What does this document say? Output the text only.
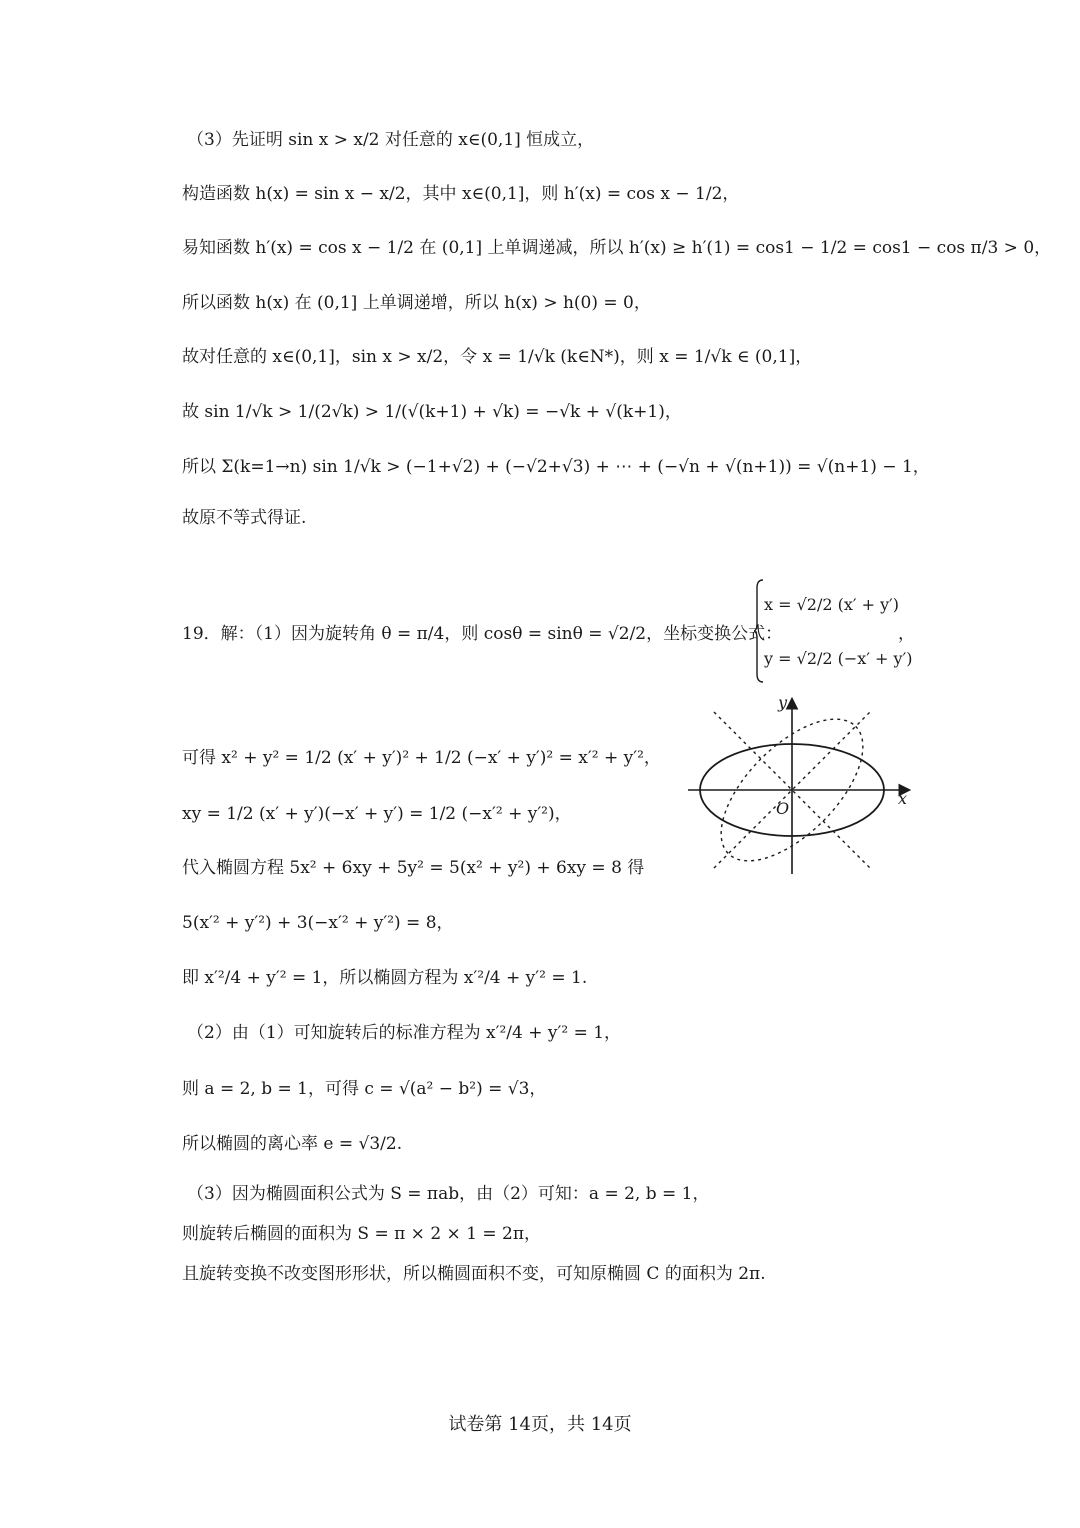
（3）先证明 sin x > x/2 对任意的 x∈(0,1] 恒成立，
构造函数 h(x) = sin x − x/2，其中 x∈(0,1]，则 h′(x) = cos x − 1/2，
易知函数 h′(x) = cos x − 1/2 在 (0,1] 上单调递减，所以 h′(x) ≥ h′(1) = cos1 − 1/2 = cos1 − cos π/3 > 0，
所以函数 h(x) 在 (0,1] 上单调递增，所以 h(x) > h(0) = 0，
故对任意的 x∈(0,1]，sin x > x/2，令 x = 1/√k (k∈N*)，则 x = 1/√k ∈ (0,1]，
故 sin 1/√k > 1/(2√k) > 1/(√(k+1) + √k) = −√k + √(k+1)，
所以 Σ(k=1→n) sin 1/√k > (−1+√2) + (−√2+√3) + ⋯ + (−√n + √(n+1)) = √(n+1) − 1，
故原不等式得证.
19．解：（1）因为旋转角 θ = π/4，则 cosθ = sinθ = √2/2，坐标变换公式：
x = √2/2 (x′ + y′)
y = √2/2 (−x′ + y′)
，
可得 x² + y² = 1/2 (x′ + y′)² + 1/2 (−x′ + y′)² = x′² + y′²，
xy = 1/2 (x′ + y′)(−x′ + y′) = 1/2 (−x′² + y′²)，
代入椭圆方程 5x² + 6xy + 5y² = 5(x² + y²) + 6xy = 8 得
5(x′² + y′²) + 3(−x′² + y′²) = 8，
即 x′²/4 + y′² = 1，所以椭圆方程为 x′²/4 + y′² = 1.
（2）由（1）可知旋转后的标准方程为 x′²/4 + y′² = 1，
则 a = 2, b = 1，可得 c = √(a² − b²) = √3，
所以椭圆的离心率 e = √3/2.
（3）因为椭圆面积公式为 S = πab，由（2）可知：a = 2, b = 1，
则旋转后椭圆的面积为 S = π × 2 × 1 = 2π，
且旋转变换不改变图形形状，所以椭圆面积不变，可知原椭圆 C 的面积为 2π.
x
y
O
试卷第 14页，共 14页
